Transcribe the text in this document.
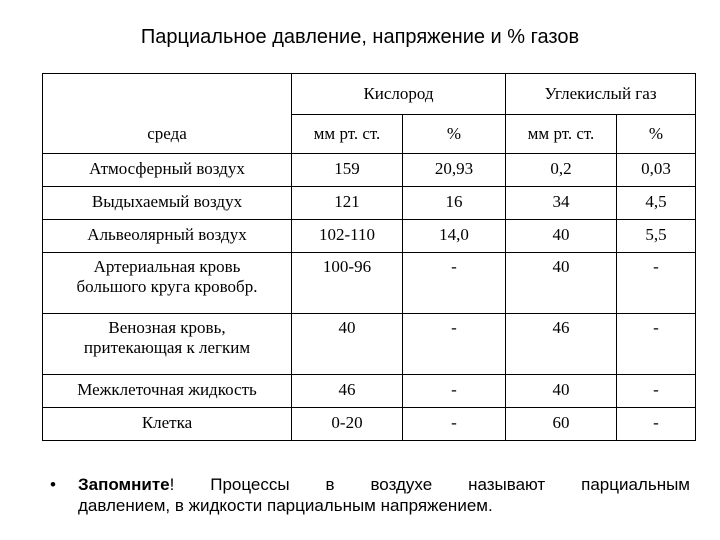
Парциальное давление, напряжение и % газов
	Кислород		Углекислый газ	
среда	мм рт. ст.	%	мм рт. ст.	%
Атмосферный воздух	159	20,93	0,2	0,03
Выдыхаемый воздух	121	16	34	4,5
Альвеолярный воздух	102-110	14,0	40	5,5

Артериальная кровь
большого круга кровобр.	100-96	-	40	-

Венозная кровь,
притекающая к легким	40	-	46	-
Межклеточная жидкость	46	-	40	-
Клетка	0-20	-	60	-
• Запомните! Процессы в воздухе называют парциальным
давлением, в жидкости парциальным напряжением.
